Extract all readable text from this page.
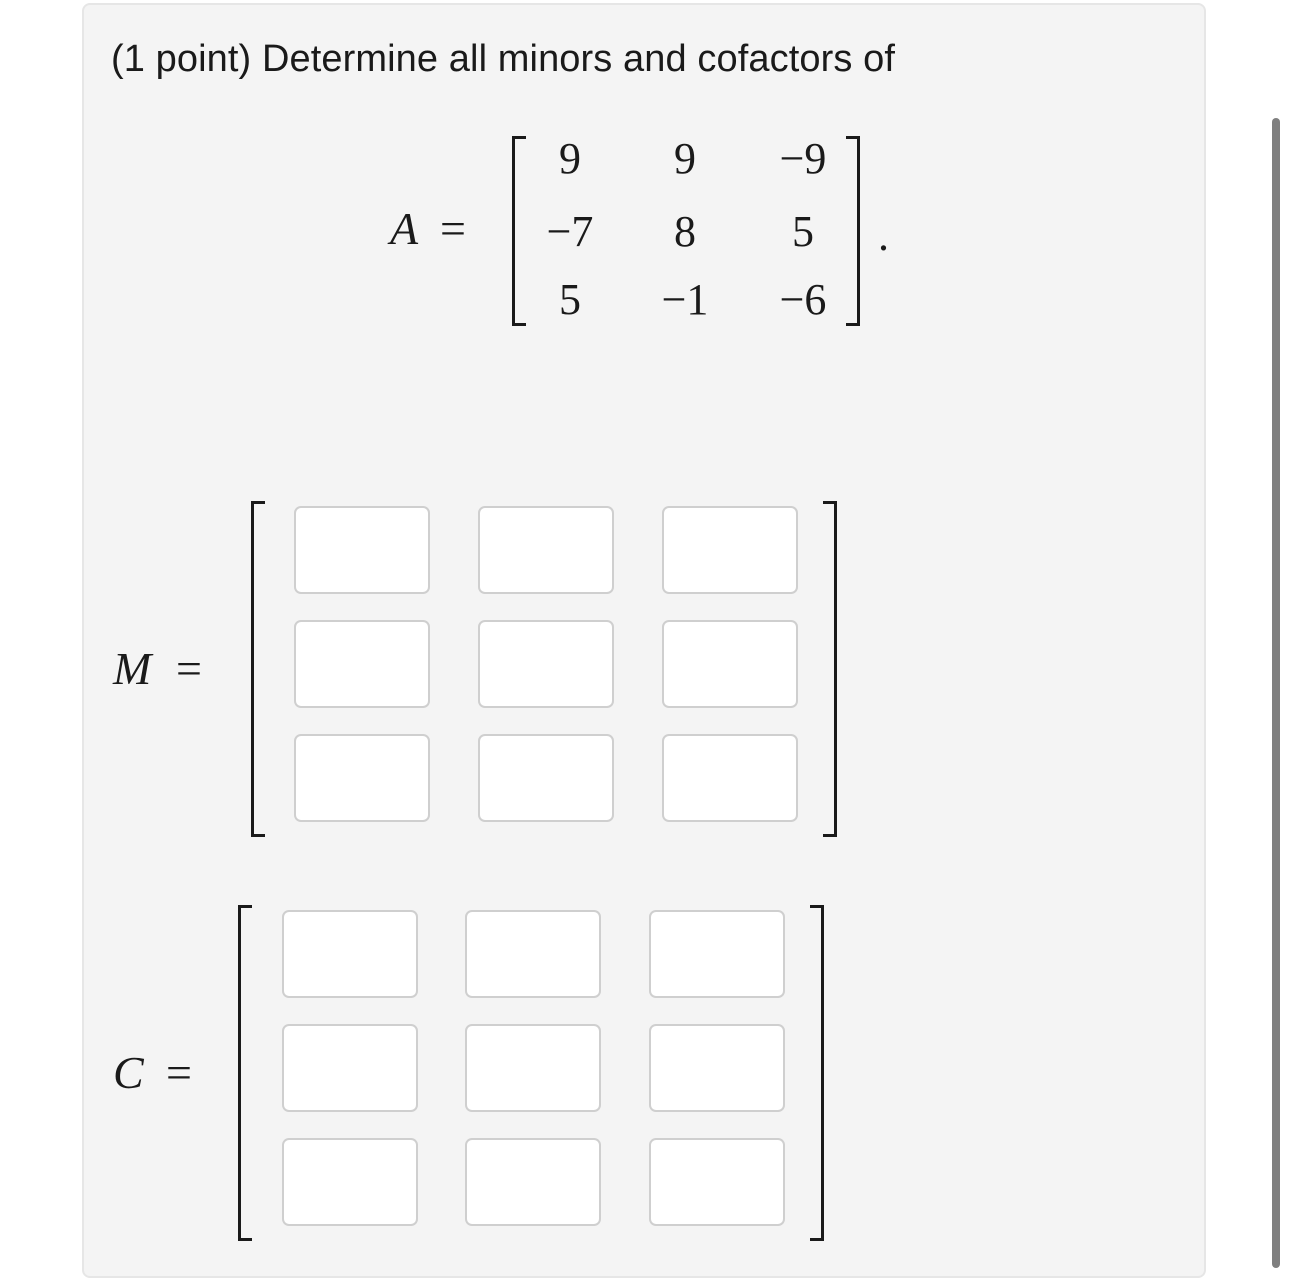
(1 point) Determine all minors and cofactors of
A =
9	9	−9
−7	8	5
5	−1	−6
.
M =
C =
